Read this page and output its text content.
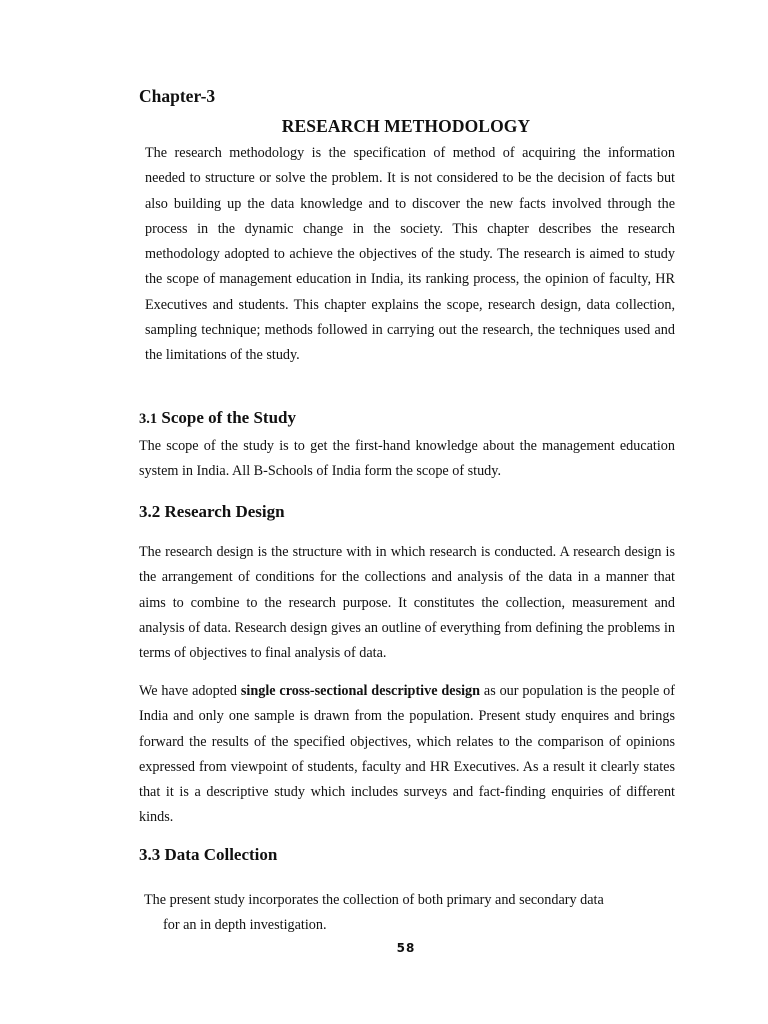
Chapter-3
RESEARCH METHODOLOGY

The research methodology is the specification of method of acquiring the information needed to structure or solve the problem. It is not considered to be the decision of facts but also building up the data knowledge and to discover the new facts involved through the process in the dynamic change in the society. This chapter describes the research methodology adopted to achieve the objectives of the study. The research is aimed to study the scope of management education in India, its ranking process, the opinion of faculty, HR Executives and students. This chapter explains the scope, research design, data collection, sampling technique; methods followed in carrying out the research, the techniques used and the limitations of the study.

3.1 Scope of the Study

The scope of the study is to get the first-hand knowledge about the management education system in India. All B-Schools of India form the scope of study.

3.2 Research Design

The research design is the structure with in which research is conducted. A research design is the arrangement of conditions for the collections and analysis of the data in a manner that aims to combine to the research purpose. It constitutes the collection, measurement and analysis of data. Research design gives an outline of everything from defining the problems in terms of objectives to final analysis of data.

We have adopted single cross-sectional descriptive design as our population is the people of India and only one sample is drawn from the population. Present study enquires and brings forward the results of the specified objectives, which relates to the comparison of opinions expressed from viewpoint of students, faculty and HR Executives. As a result it clearly states that it is a descriptive study which includes surveys and fact-finding enquiries of different kinds.

3.3 Data Collection

The present study incorporates the collection of both primary and secondary data
for an in depth investigation.

58
